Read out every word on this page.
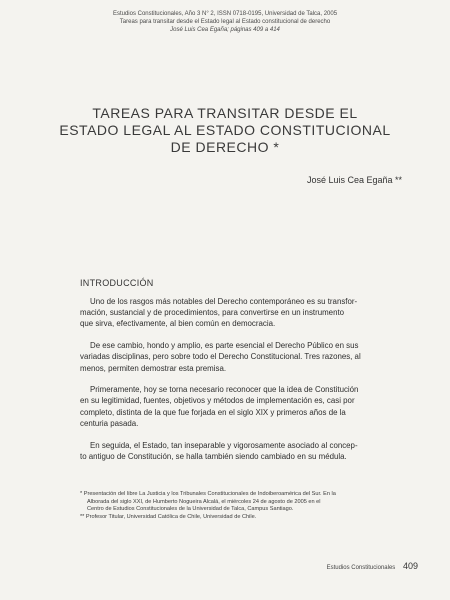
Estudios Constitucionales, Año 3 N° 2, ISSN 0718-0195, Universidad de Talca, 2005
Tareas para transitar desde el Estado legal al Estado constitucional de derecho
José Luis Cea Egaña; páginas 409 a 414
TAREAS PARA TRANSITAR DESDE EL
ESTADO LEGAL AL ESTADO CONSTITUCIONAL
DE DERECHO *
José Luis Cea Egaña **
INTRODUCCIÓN

Uno de los rasgos más notables del Derecho contemporáneo es su transfor-
mación, sustancial y de procedimientos, para convertirse en un instrumento
que sirva, efectivamente, al bien común en democracia.

De ese cambio, hondo y amplio, es parte esencial el Derecho Público en sus
variadas disciplinas, pero sobre todo el Derecho Constitucional. Tres razones, al
menos, permiten demostrar esta premisa.

Primeramente, hoy se torna necesario reconocer que la idea de Constitución
en su legitimidad, fuentes, objetivos y métodos de implementación es, casi por
completo, distinta de la que fue forjada en el siglo XIX y primeros años de la
centuria pasada.

En seguida, el Estado, tan inseparable y vigorosamente asociado al concep-
to antiguo de Constitución, se halla también siendo cambiado en su médula.

* Presentación del libre La Justicia y los Tribunales Constitucionales de Indoiberoamérica del Sur. En la
Alborada del siglo XXI, de Humberto Nogueira Alcalá, el miércoles 24 de agosto de 2005 en el
Centro de Estudios Constitucionales de la Universidad de Talca, Campus Santiago.
** Profesor Titular, Universidad Católica de Chile, Universidad de Chile.
Estudios Constitucionales 409
